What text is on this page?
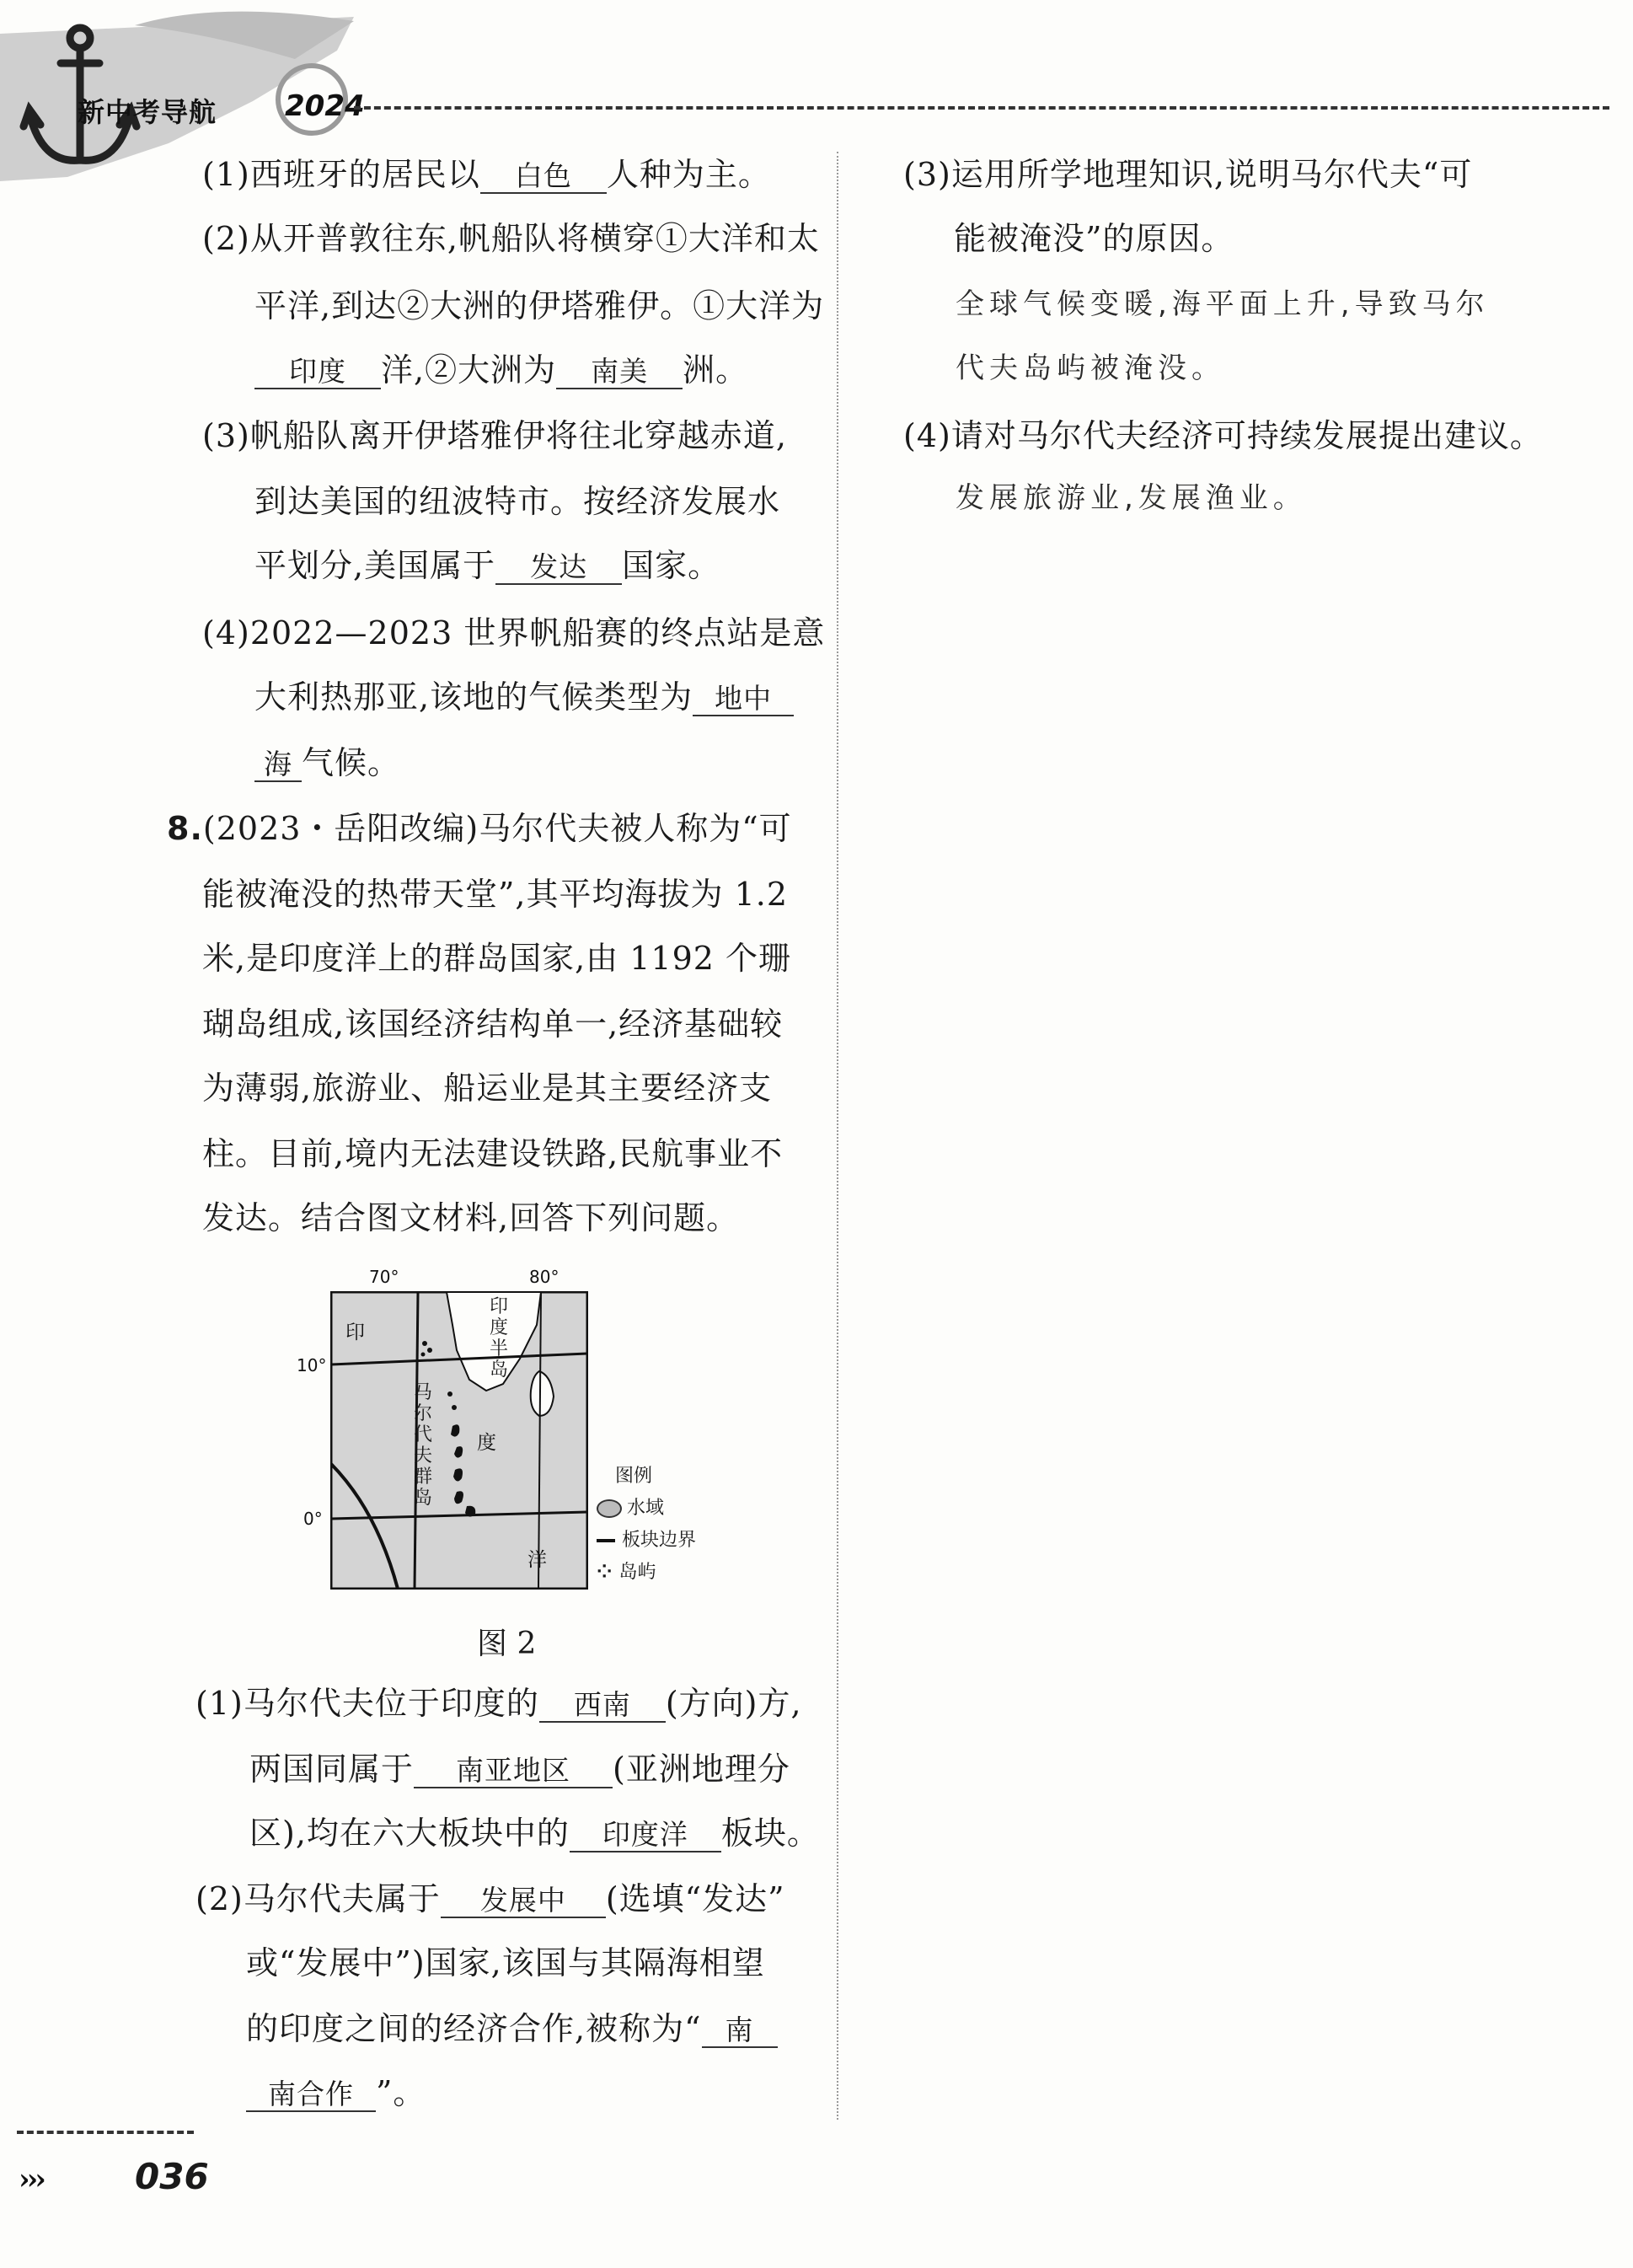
新中考导航 2024
(1)西班牙的居民以 白色 人种为主。
(2)从开普敦往东,帆船队将横穿①大洋和太
平洋,到达②大洲的伊塔雅伊。①大洋为
印度 洋,②大洲为 南美 洲。
(3)帆船队离开伊塔雅伊将往北穿越赤道,
到达美国的纽波特市。按经济发展水
平划分,美国属于 发达 国家。
(4)2022—2023 世界帆船赛的终点站是意
大利热那亚,该地的气候类型为 地中
海 气候。
8.(2023・岳阳改编)马尔代夫被人称为“可
能被淹没的热带天堂”,其平均海拔为 1.2
米,是印度洋上的群岛国家,由 1192 个珊
瑚岛组成,该国经济结构单一,经济基础较
为薄弱,旅游业、船运业是其主要经济支
柱。目前,境内无法建设铁路,民航事业不
发达。结合图文材料,回答下列问题。
70°	80°
10°
0°
印
印
度
半
岛
马
尔
代
夫
群
岛
度
洋
图例
水域
板块边界
⁘ 岛屿
图 2
(1)马尔代夫位于印度的 西南 (方向)方,
两国同属于 南亚地区 (亚洲地理分
区),均在六大板块中的 印度洋 板块。
(2)马尔代夫属于 发展中 (选填“发达”
或“发展中”)国家,该国与其隔海相望
的印度之间的经济合作,被称为“ 南
南合作 ”。
(3)运用所学地理知识,说明马尔代夫“可
能被淹没”的原因。
全球气候变暖,海平面上升,导致马尔
代夫岛屿被淹没。
(4)请对马尔代夫经济可持续发展提出建议。
发展旅游业,发展渔业。
›››	036
